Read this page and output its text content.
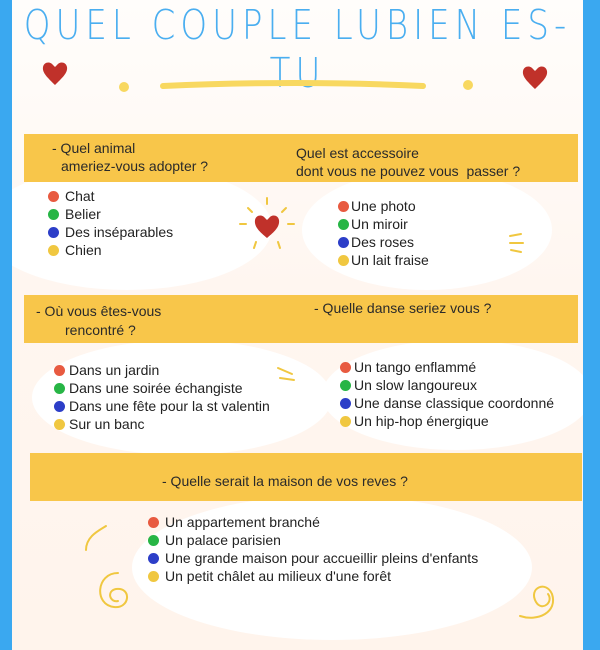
QUEL COUPLE LUBIEN ES-TU
- Quel animal
ameriez-vous adopter ?
Quel est accessoire
dont vous ne pouvez vous  passer ?
Chat
Belier
Des inséparables
Chien
Une photo
Un miroir
Des roses
Un lait fraise
- Où vous êtes-vous
rencontré ?
- Quelle danse seriez vous ?
Dans un jardin
Dans une soirée échangiste
Dans une fête pour la st valentin
Sur un banc
Un tango enflammé
Un slow langoureux
Une danse classique coordonné
Un hip-hop énergique
- Quelle serait la maison de vos reves ?
Un appartement branché
Un palace parisien
Une grande maison pour accueillir pleins d'enfants
Un petit châlet au milieux d'une forêt
